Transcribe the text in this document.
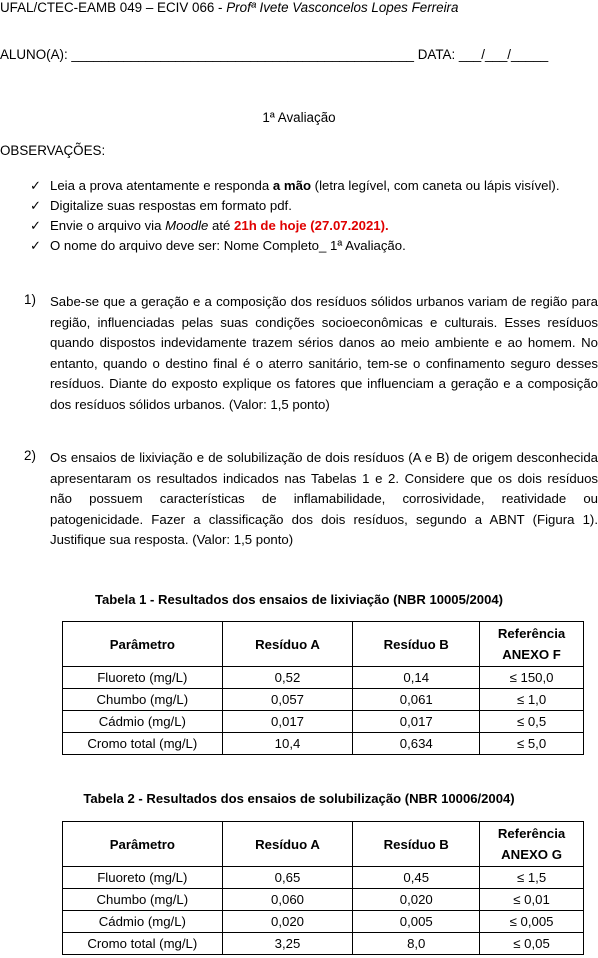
UFAL/CTEC-EAMB 049 – ECIV 066 - Profª Ivete Vasconcelos Lopes Ferreira
ALUNO(A): ______________________________________________ DATA: ___/___/_____
1ª Avaliação
OBSERVAÇÕES:
✓ Leia a prova atentamente e responda a mão (letra legível, com caneta ou lápis visível).
✓ Digitalize suas respostas em formato pdf.
✓ Envie o arquivo via Moodle até 21h de hoje (27.07.2021).
✓ O nome do arquivo deve ser: Nome Completo_ 1ª Avaliação.
1) Sabe-se que a geração e a composição dos resíduos sólidos urbanos variam de região para região, influenciadas pelas suas condições socioeconômicas e culturais. Esses resíduos quando dispostos indevidamente trazem sérios danos ao meio ambiente e ao homem. No entanto, quando o destino final é o aterro sanitário, tem-se o confinamento seguro desses resíduos. Diante do exposto explique os fatores que influenciam a geração e a composição dos resíduos sólidos urbanos. (Valor: 1,5 ponto)

2) Os ensaios de lixiviação e de solubilização de dois resíduos (A e B) de origem desconhecida apresentaram os resultados indicados nas Tabelas 1 e 2. Considere que os dois resíduos não possuem características de inflamabilidade, corrosividade, reatividade ou patogenicidade. Fazer a classificação dos dois resíduos, segundo a ABNT (Figura 1). Justifique sua resposta. (Valor: 1,5 ponto)

Tabela 1 - Resultados dos ensaios de lixiviação (NBR 10005/2004)
Parâmetro	Resíduo A	Resíduo B	Referência
ANEXO F

Fluoreto (mg/L)	0,52	0,14	≤ 150,0
Chumbo (mg/L)	0,057	0,061	≤ 1,0
Cádmio (mg/L)	0,017	0,017	≤ 0,5
Cromo total (mg/L)	10,4	0,634	≤ 5,0
Tabela 2 - Resultados dos ensaios de solubilização (NBR 10006/2004)
Parâmetro	Resíduo A	Resíduo B	Referência
ANEXO G

Fluoreto (mg/L)	0,65	0,45	≤ 1,5
Chumbo (mg/L)	0,060	0,020	≤ 0,01
Cádmio (mg/L)	0,020	0,005	≤ 0,005
Cromo total (mg/L)	3,25	8,0	≤ 0,05
